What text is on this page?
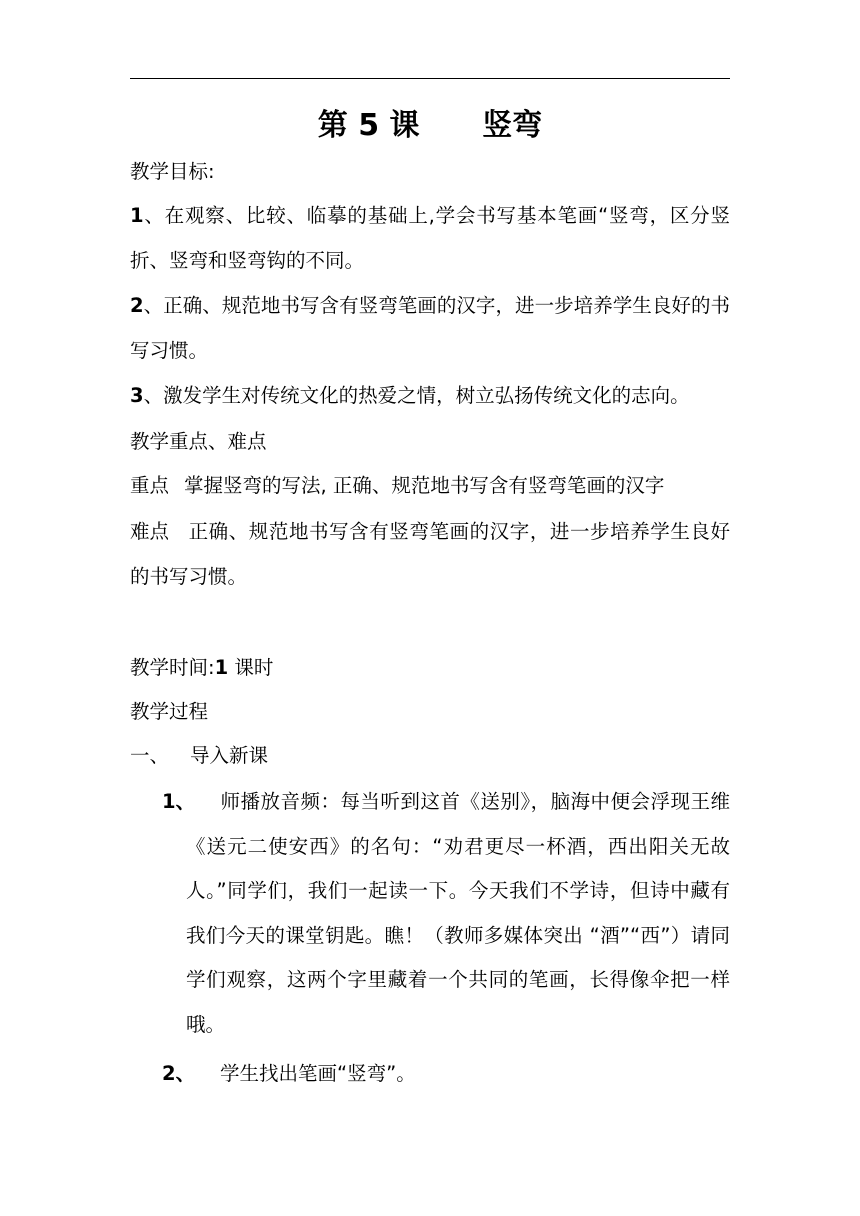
第 5 课      竖弯
教学目标:
1、在观察、比较、临摹的基础上,学会书写基本笔画“竖弯，区分竖折、竖弯和竖弯钩的不同。
2、正确、规范地书写含有竖弯笔画的汉字，进一步培养学生良好的书写习惯。
3、激发学生对传统文化的热爱之情，树立弘扬传统文化的志向。
教学重点、难点
重点 掌握竖弯的写法, 正确、规范地书写含有竖弯笔画的汉字
难点 正确、规范地书写含有竖弯笔画的汉字，进一步培养学生良好的书写习惯。
教学时间:1 课时
教学过程
一、 导入新课
1、	师播放音频：每当听到这首《送别》，脑海中便会浮现王维《送元二使安西》的名句：“劝君更尽一杯酒，西出阳关无故人。”同学们，我们一起读一下。今天我们不学诗，但诗中藏有我们今天的课堂钥匙。瞧！（教师多媒体突出 “酒”“西”）请同学们观察，这两个字里藏着一个共同的笔画，长得像伞把一样哦。
2、	学生找出笔画“竖弯”。
